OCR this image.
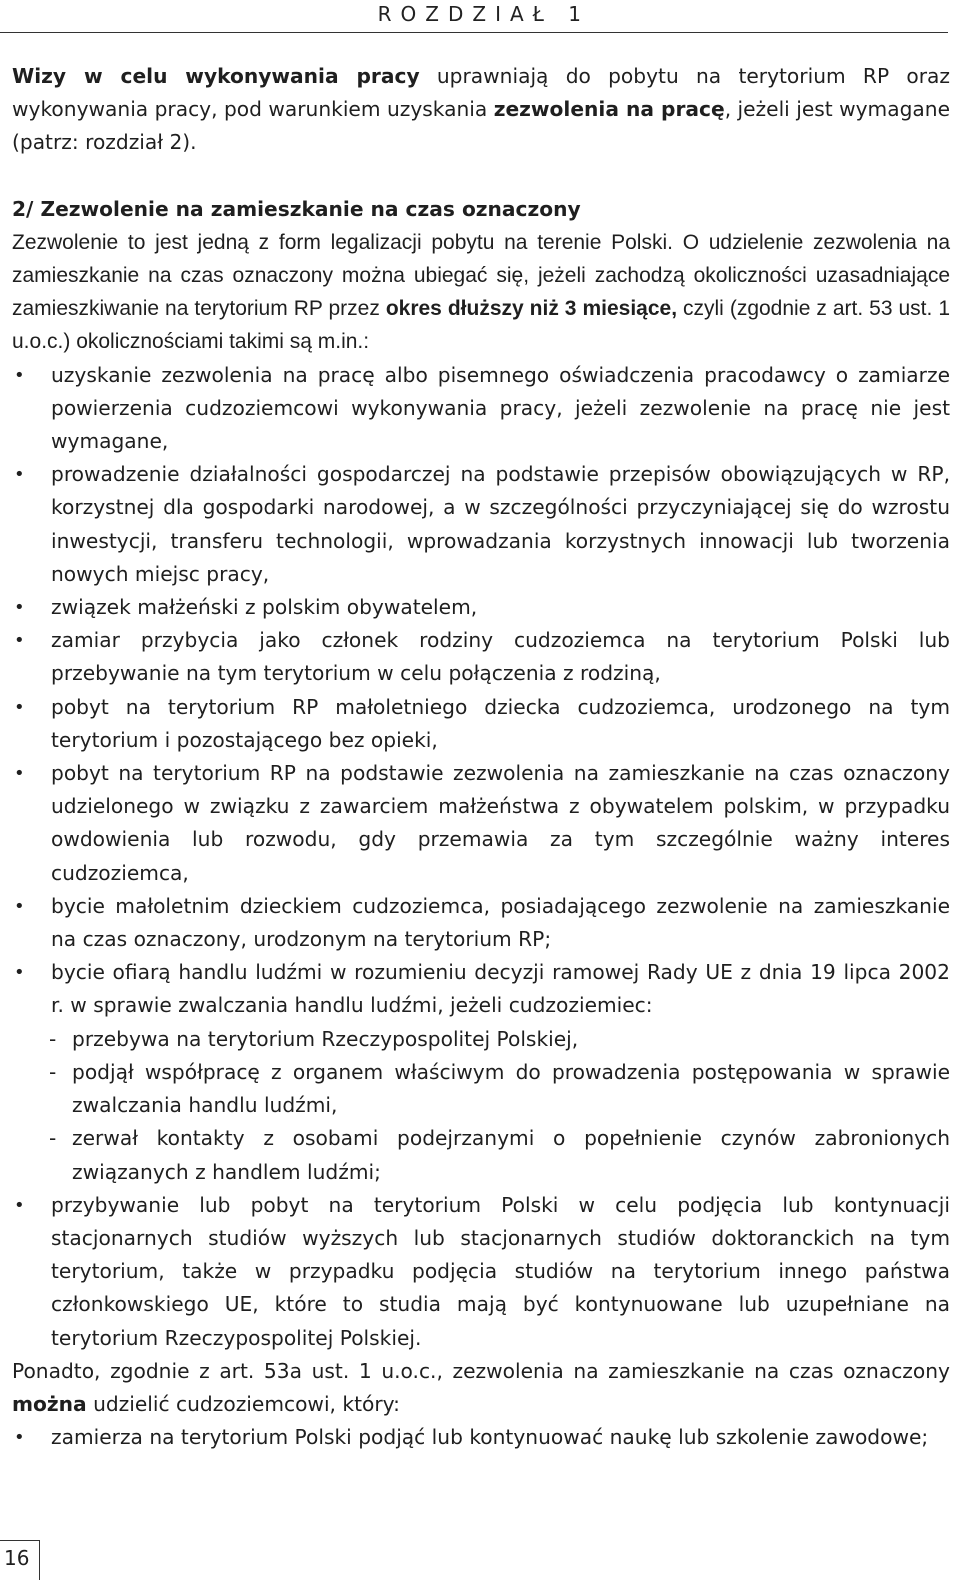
ROZDZIAŁ 1

Wizy w celu wykonywania pracy uprawniają do pobytu na terytorium RP oraz wykonywania pracy, pod warunkiem uzyskania zezwolenia na pracę, jeżeli jest wymagane (patrz: rozdział 2).

2/ Zezwolenie na zamieszkanie na czas oznaczony

Zezwolenie to jest jedną z form legalizacji pobytu na terenie Polski. O udzielenie zezwolenia na zamieszkanie na czas oznaczony można ubiegać się, jeżeli zachodzą okoliczności uzasadniające zamieszkiwanie na terytorium RP przez okres dłuższy niż 3 miesiące, czyli (zgodnie z art. 53 ust. 1 u.o.c.) okolicznościami takimi są m.in.:

• uzyskanie zezwolenia na pracę albo pisemnego oświadczenia pracodawcy o zamiarze powierzenia cudzoziemcowi wykonywania pracy, jeżeli zezwolenie na pracę nie jest wymagane,
• prowadzenie działalności gospodarczej na podstawie przepisów obowiązujących w RP, korzystnej dla gospodarki narodowej, a w szczególności przyczyniającej się do wzrostu inwestycji, transferu technologii, wprowadzania korzystnych innowacji lub tworzenia nowych miejsc pracy,
• związek małżeński z polskim obywatelem,
• zamiar przybycia jako członek rodziny cudzoziemca na terytorium Polski lub przebywanie na tym terytorium w celu połączenia z rodziną,
• pobyt na terytorium RP małoletniego dziecka cudzoziemca, urodzonego na tym terytorium i pozostającego bez opieki,
• pobyt na terytorium RP na podstawie zezwolenia na zamieszkanie na czas oznaczony udzielonego w związku z zawarciem małżeństwa z obywatelem polskim, w przypadku owdowienia lub rozwodu, gdy przemawia za tym szczególnie ważny interes cudzoziemca,
• bycie małoletnim dzieckiem cudzoziemca, posiadającego zezwolenie na zamieszkanie na czas oznaczony, urodzonym na terytorium RP;
• bycie ofiarą handlu ludźmi w rozumieniu decyzji ramowej Rady UE z dnia 19 lipca 2002 r. w sprawie zwalczania handlu ludźmi, jeżeli cudzoziemiec:
- przebywa na terytorium Rzeczypospolitej Polskiej,
- podjął współpracę z organem właściwym do prowadzenia postępowania w sprawie zwalczania handlu ludźmi,
- zerwał kontakty z osobami podejrzanymi o popełnienie czynów zabronionych związanych z handlem ludźmi;
• przybywanie lub pobyt na terytorium Polski w celu podjęcia lub kontynuacji stacjonarnych studiów wyższych lub stacjonarnych studiów doktoranckich na tym terytorium, także w przypadku podjęcia studiów na terytorium innego państwa członkowskiego UE, które to studia mają być kontynuowane lub uzupełniane na terytorium Rzeczypospolitej Polskiej.

Ponadto, zgodnie z art. 53a ust. 1 u.o.c., zezwolenia na zamieszkanie na czas oznaczony można udzielić cudzoziemcowi, który:

• zamierza na terytorium Polski podjąć lub kontynuować naukę lub szkolenie zawodowe;
16
